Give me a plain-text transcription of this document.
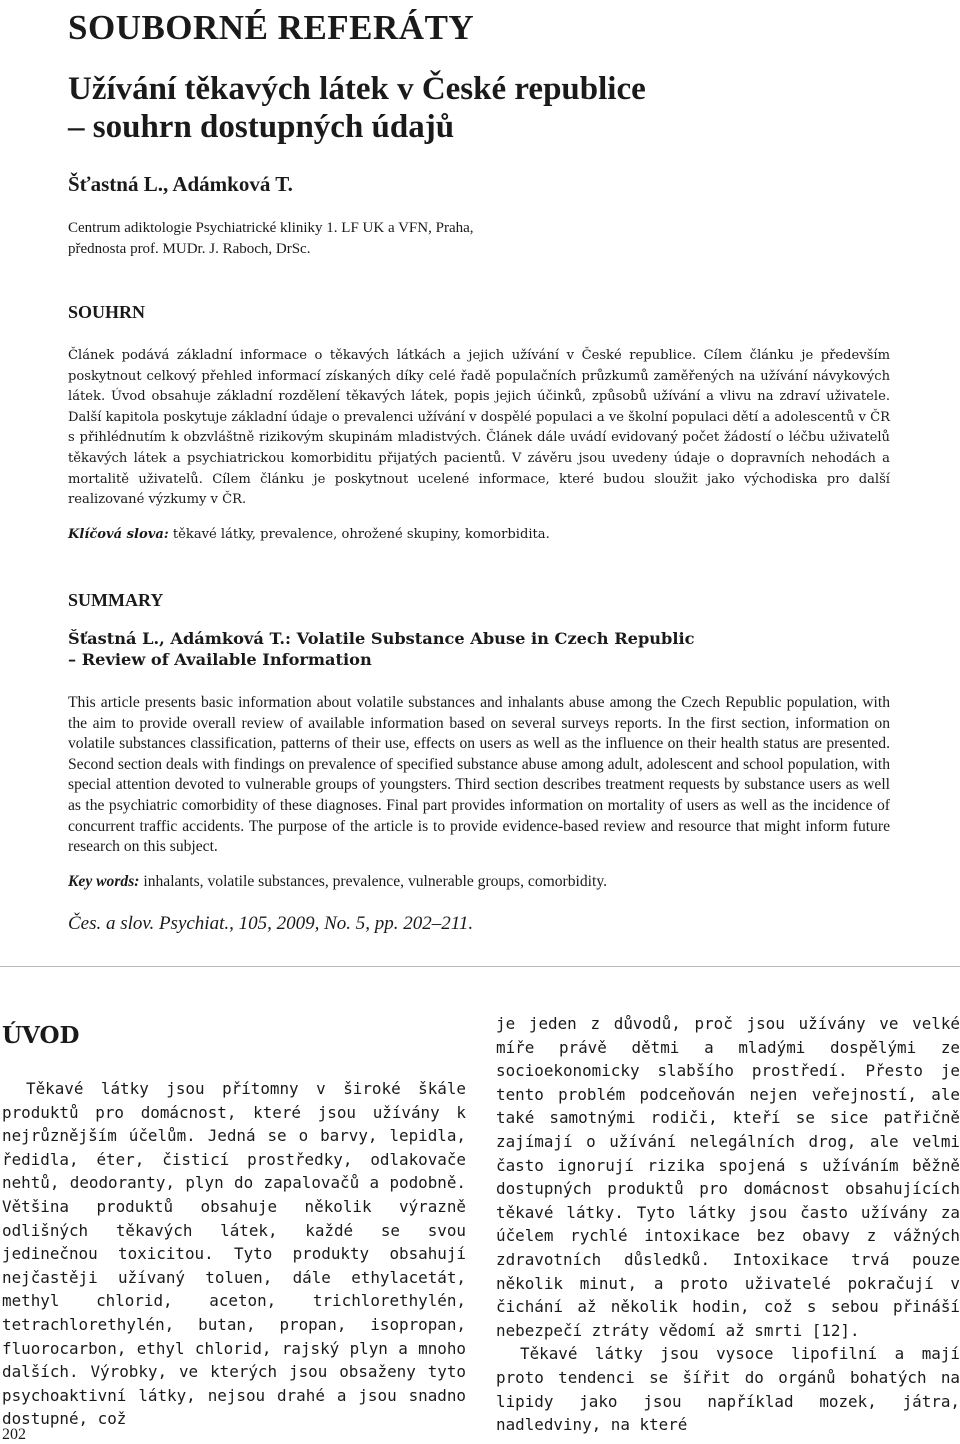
SOUBORNÉ REFERÁTY
Užívání těkavých látek v České republice
– souhrn dostupných údajů
Šťastná L., Adámková T.
Centrum adiktologie Psychiatrické kliniky 1. LF UK a VFN, Praha,
přednosta prof. MUDr. J. Raboch, DrSc.
SOUHRN

Článek podává základní informace o těkavých látkách a jejich užívání v České republice. Cílem článku je především poskytnout celkový přehled informací získaných díky celé řadě populačních průzkumů zaměřených na užívání návykových látek. Úvod obsahuje základní rozdělení těkavých látek, popis jejich účinků, způsobů užívání a vlivu na zdraví uživatele. Další kapitola poskytuje základní údaje o prevalenci užívání v dospělé populaci a ve školní populaci dětí a adolescentů v ČR s přihlédnutím k obzvláštně rizikovým skupinám mladistvých. Článek dále uvádí evidovaný počet žádostí o léčbu uživatelů těkavých látek a psychiatrickou komorbiditu přijatých pacientů. V závěru jsou uvedeny údaje o dopravních nehodách a mortalitě uživatelů. Cílem článku je poskytnout ucelené informace, které budou sloužit jako východiska pro další realizované výzkumy v ČR.

Klíčová slova: těkavé látky, prevalence, ohrožené skupiny, komorbidita.
SUMMARY
Šťastná L., Adámková T.: Volatile Substance Abuse in Czech Republic
– Review of Available Information

This article presents basic information about volatile substances and inhalants abuse among the Czech Republic population, with the aim to provide overall review of available information based on several surveys reports. In the first section, information on volatile substances classification, patterns of their use, effects on users as well as the influence on their health status are presented. Second section deals with findings on prevalence of specified substance abuse among adult, adolescent and school population, with special attention devoted to vulnerable groups of youngsters. Third section describes treatment requests by substance users as well as the psychiatric comorbidity of these diagnoses. Final part provides information on mortality of users as well as the incidence of concurrent traffic accidents. The purpose of the article is to provide evidence-based review and resource that might inform future research on this subject.

Key words: inhalants, volatile substances, prevalence, vulnerable groups, comorbidity.
Čes. a slov. Psychiat., 105, 2009, No. 5, pp. 202–211.
ÚVOD

Těkavé látky jsou přítomny v široké škále produktů pro domácnost, které jsou užívány k nejrůznějším účelům. Jedná se o barvy, lepidla, ředidla, éter, čisticí prostředky, odlakovače nehtů, deodoranty, plyn do zapalovačů a podobně. Většina produktů obsahuje několik výrazně odlišných těkavých látek, každé se svou jedinečnou toxicitou. Tyto produkty obsahují nejčastěji užívaný toluen, dále ethylacetát, methyl chlorid, aceton, trichlorethylén, tetrachlorethylén, butan, propan, isopropan, fluorocarbon, ethyl chlorid, rajský plyn a mnoho dalších. Výrobky, ve kterých jsou obsaženy tyto psychoaktivní látky, nejsou drahé a jsou snadno dostupné, což

je jeden z důvodů, proč jsou užívány ve velké míře právě dětmi a mladými dospělými ze socioekonomicky slabšího prostředí. Přesto je tento problém podceňován nejen veřejností, ale také samotnými rodiči, kteří se sice patřičně zajímají o užívání nelegálních drog, ale velmi často ignorují rizika spojená s užíváním běžně dostupných produktů pro domácnost obsahujících těkavé látky. Tyto látky jsou často užívány za účelem rychlé intoxikace bez obavy z vážných zdravotních důsledků. Intoxikace trvá pouze několik minut, a proto uživatelé pokračují v čichání až několik hodin, což s sebou přináší nebezpečí ztráty vědomí až smrti [12].

Těkavé látky jsou vysoce lipofilní a mají proto tendenci se šířit do orgánů bohatých na lipidy jako jsou například mozek, játra, nadledviny, na které

202
